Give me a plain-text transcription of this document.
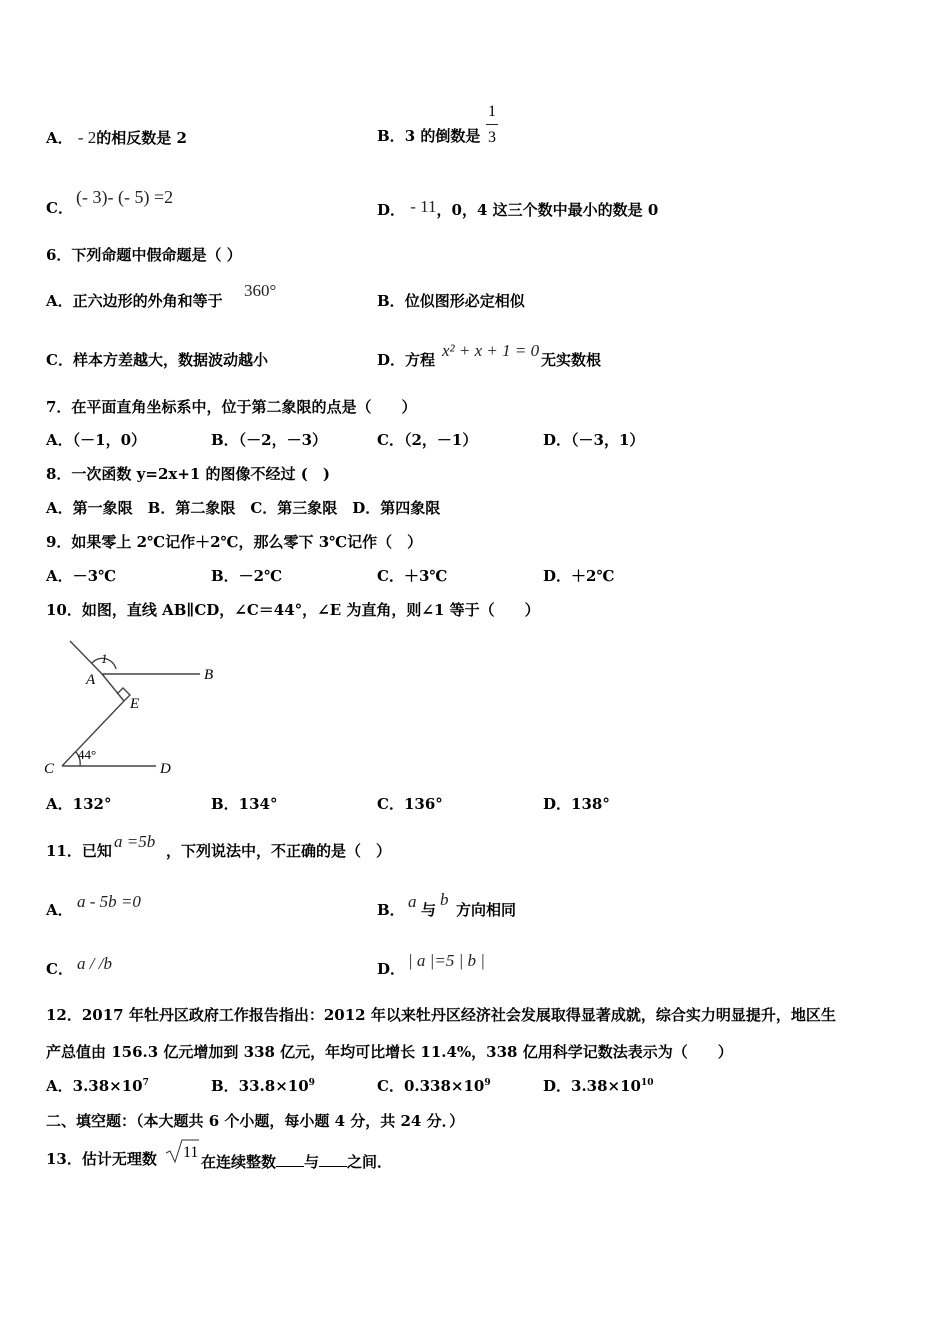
A． - 2的相反数是 2	B．3 的倒数是
1
3
C．
(- 3)- (- 5) =2
D． - 11，0，4 这三个数中最小的数是 0
6．下列命题中假命题是（ ）
A．正六边形的外角和等于
360°
B．位似图形必定相似
C．样本方差越大，数据波动越小	D．方程 x² + x + 1 = 0 无实数根
7．在平面直角坐标系中，位于第二象限的点是（　　）
A．（－1，0）	B．（－2，－3）	C．（2，－1）	D．（－3，1）
8．一次函数 y=2x+1 的图像不经过 (　)
A．第一象限　B．第二象限　C．第三象限　D．第四象限
9．如果零上 2℃记作＋2℃，那么零下 3℃记作（　）
A．－3℃	B．－2℃	C．＋3℃	D．＋2℃
10．如图，直线 AB∥CD，∠C＝44°，∠E 为直角，则∠1 等于（　　）
1
A	B
E
C	D
44°
A．132°	B．134°	C．136°	D．138°
11．已知 a =5b ，下列说法中，不正确的是（　）
A． a - 5b =0	B． a 与
b
方向相同
C． a / /b	D． | a |=5 | b |
12．2017 年牡丹区政府工作报告指出：2012 年以来牡丹区经济社会发展取得显著成就，综合实力明显提升，地区生
产总值由 156.3 亿元增加到 338 亿元，年均可比增长 11.4%，338 亿用科学记数法表示为（　　）
A．$3.38\times 10^7$	B．$33.8\times 10^9$	C．$0.338\times 10^9$	D．$3.38\times 10^{10}$
二、填空题：（本大题共 6 个小题，每小题 4 分，共 24 分．）
13．估计无理数 11
在连续整数 与 之间．
